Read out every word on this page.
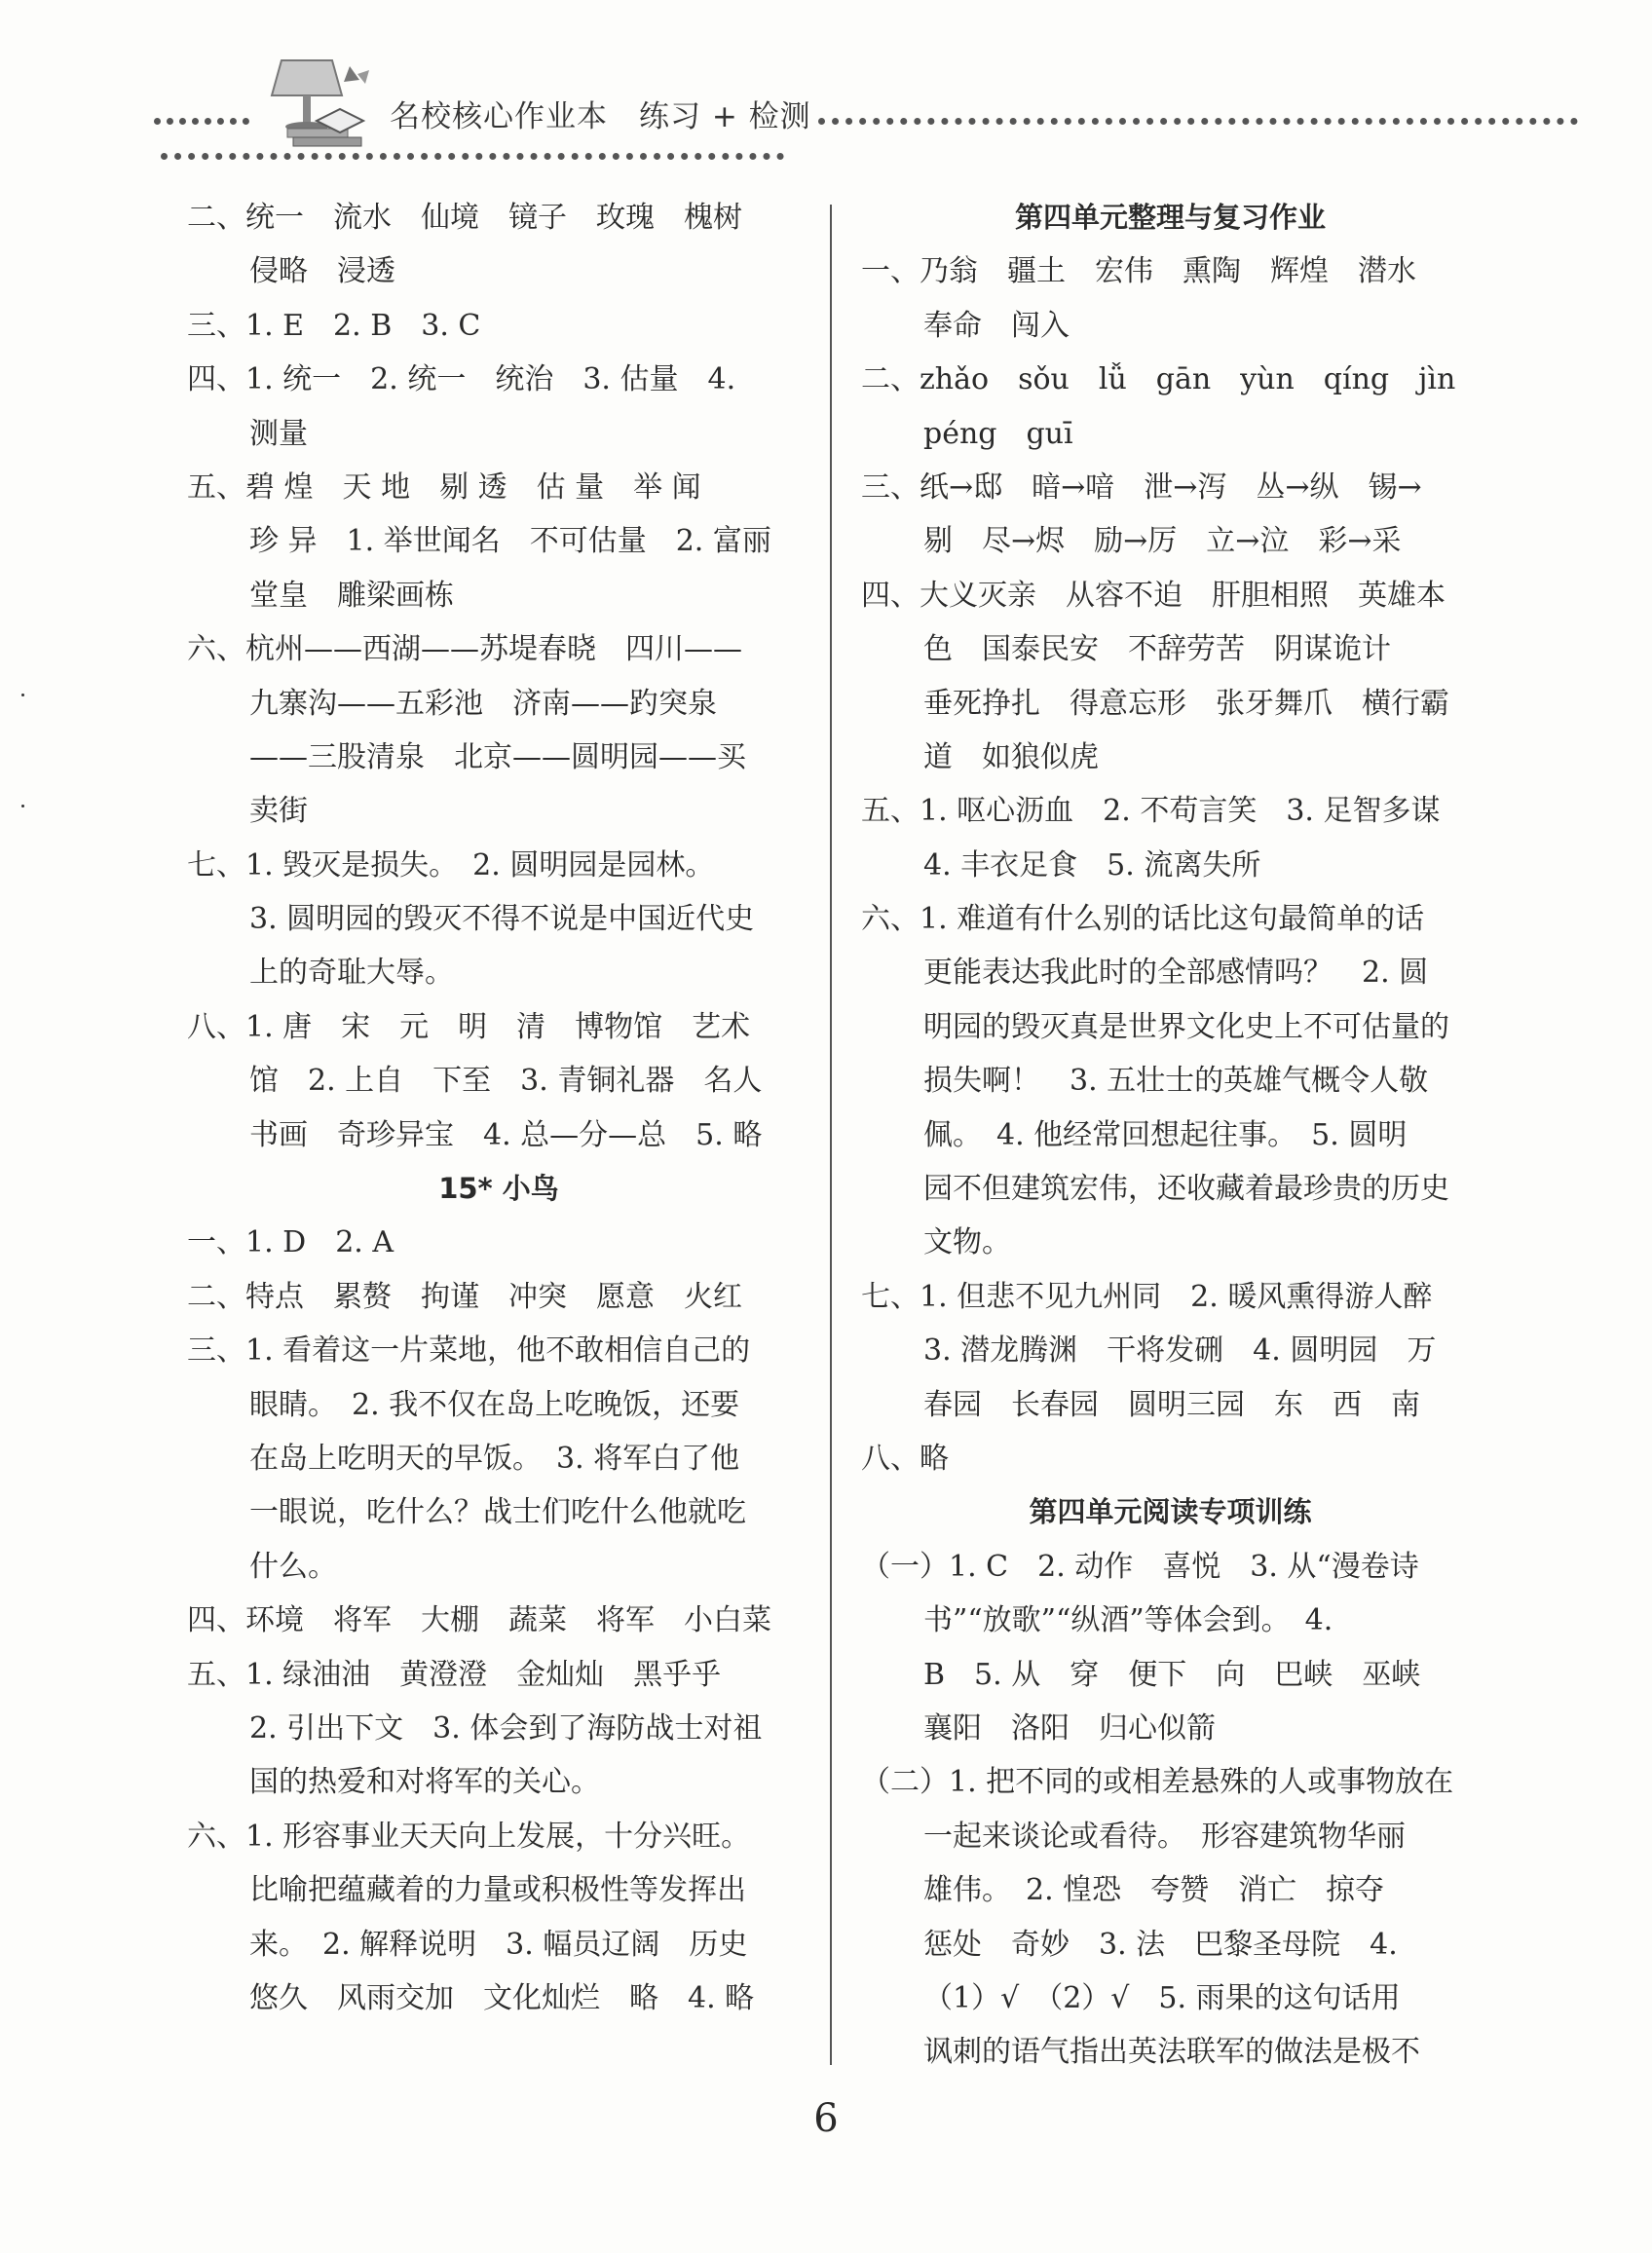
名校核心作业本　练习 + 检测
二、统一　流水　仙境　镜子　玫瑰　槐树
侵略　浸透
三、1. E　2. B　3. C
四、1. 统一　2. 统一　统治　3. 估量　4.
测量
五、碧 煌　天 地　剔 透　估 量　举 闻
珍 异　1. 举世闻名　不可估量　2. 富丽
堂皇　雕梁画栋
六、杭州——西湖——苏堤春晓　四川——
九寨沟——五彩池　济南——趵突泉
——三股清泉　北京——圆明园——买
卖街
七、1. 毁灭是损失。　2. 圆明园是园林。
3. 圆明园的毁灭不得不说是中国近代史
上的奇耻大辱。
八、1. 唐　宋　元　明　清　博物馆　艺术
馆　2. 上自　下至　3. 青铜礼器　名人
书画　奇珍异宝　4. 总—分—总　5. 略
15* 小鸟
一、1. D　2. A
二、特点　累赘　拘谨　冲突　愿意　火红
三、1. 看着这一片菜地，他不敢相信自己的
眼睛。　2. 我不仅在岛上吃晚饭，还要
在岛上吃明天的早饭。　3. 将军白了他
一眼说，吃什么？战士们吃什么他就吃
什么。
四、环境　将军　大棚　蔬菜　将军　小白菜
五、1. 绿油油　黄澄澄　金灿灿　黑乎乎
2. 引出下文　3. 体会到了海防战士对祖
国的热爱和对将军的关心。
六、1. 形容事业天天向上发展，十分兴旺。
比喻把蕴藏着的力量或积极性等发挥出
来。　2. 解释说明　3. 幅员辽阔　历史
悠久　风雨交加　文化灿烂　略　4. 略
第四单元整理与复习作业
一、乃翁　疆土　宏伟　熏陶　辉煌　潜水
奉命　闯入
二、zhǎo　sǒu　lǚ　gān　yùn　qíng　jìn
péng　guī
三、纸→邸　暗→喑　泄→泻　丛→纵　锡→
剔　尽→烬　励→厉　立→泣　彩→采
四、大义灭亲　从容不迫　肝胆相照　英雄本
色　国泰民安　不辞劳苦　阴谋诡计
垂死挣扎　得意忘形　张牙舞爪　横行霸
道　如狼似虎
五、1. 呕心沥血　2. 不苟言笑　3. 足智多谋
4. 丰衣足食　5. 流离失所
六、1. 难道有什么别的话比这句最简单的话
更能表达我此时的全部感情吗？　2. 圆
明园的毁灭真是世界文化史上不可估量的
损失啊！　3. 五壮士的英雄气概令人敬
佩。　4. 他经常回想起往事。　5. 圆明
园不但建筑宏伟，还收藏着最珍贵的历史
文物。
七、1. 但悲不见九州同　2. 暖风熏得游人醉
3. 潜龙腾渊　干将发硎　4. 圆明园　万
春园　长春园　圆明三园　东　西　南
八、略
第四单元阅读专项训练
（一）1. C　2. 动作　喜悦　3. 从“漫卷诗
书”“放歌”“纵酒”等体会到。　4.
B　5. 从　穿　便下　向　巴峡　巫峡
襄阳　洛阳　归心似箭
（二）1. 把不同的或相差悬殊的人或事物放在
一起来谈论或看待。　形容建筑物华丽
雄伟。　2. 惶恐　夸赞　消亡　掠夺
惩处　奇妙　3. 法　巴黎圣母院　4.
（1）√　（2）√　5. 雨果的这句话用
讽刺的语气指出英法联军的做法是极不
6
